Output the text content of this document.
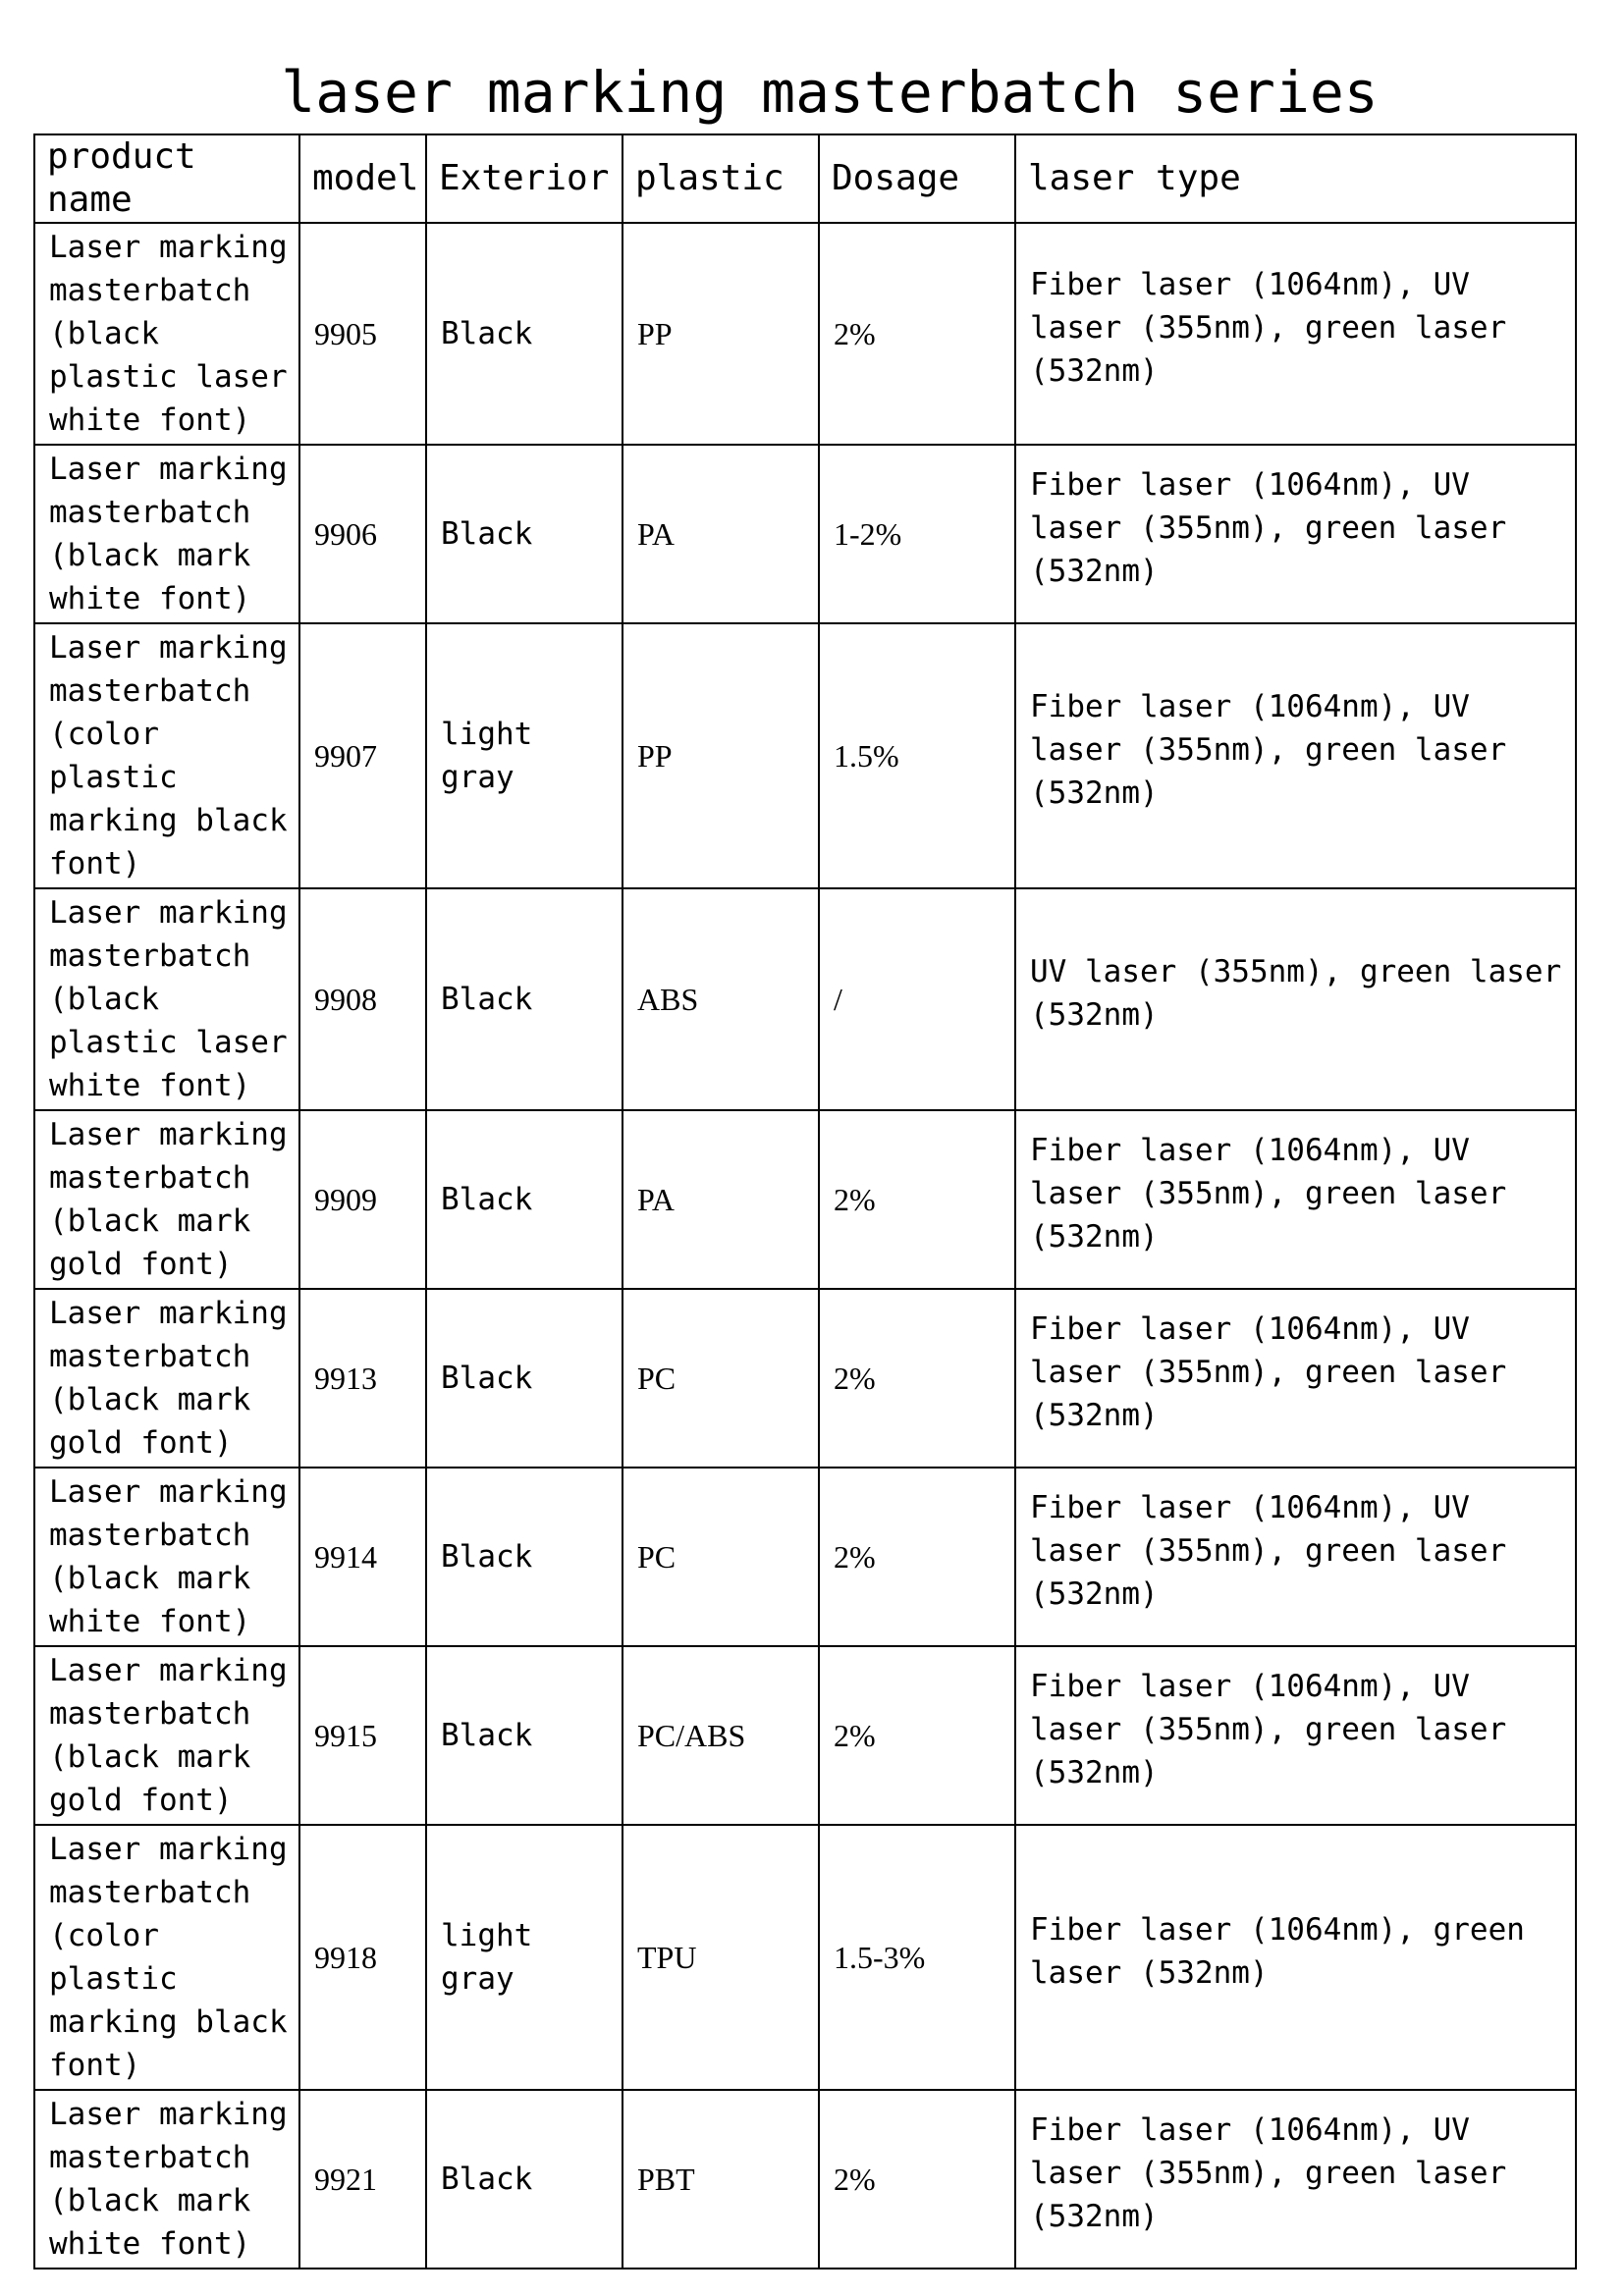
laser marking masterbatch series
product name	model	Exterior	plastic	Dosage	laser type
Laser marking masterbatch (black plastic laser white font)	9905	Black	PP	2%	Fiber laser (1064nm), UV laser (355nm), green laser (532nm)
Laser marking masterbatch (black mark white font)	9906	Black	PA	1-2%	Fiber laser (1064nm), UV laser (355nm), green laser (532nm)
Laser marking masterbatch (color plastic marking black font)	9907	light gray	PP	1.5%	Fiber laser (1064nm), UV laser (355nm), green laser (532nm)
Laser marking masterbatch (black plastic laser white font)	9908	Black	ABS	/	UV laser (355nm), green laser (532nm)
Laser marking masterbatch (black mark gold font)	9909	Black	PA	2%	Fiber laser (1064nm), UV laser (355nm), green laser (532nm)
Laser marking masterbatch (black mark gold font)	9913	Black	PC	2%	Fiber laser (1064nm), UV laser (355nm), green laser (532nm)
Laser marking masterbatch (black mark white font)	9914	Black	PC	2%	Fiber laser (1064nm), UV laser (355nm), green laser (532nm)
Laser marking masterbatch (black mark gold font)	9915	Black	PC/ABS	2%	Fiber laser (1064nm), UV laser (355nm), green laser (532nm)
Laser marking masterbatch (color plastic marking black font)	9918	light gray	TPU	1.5-3%	Fiber laser (1064nm), green laser (532nm)
Laser marking masterbatch (black mark white font)	9921	Black	PBT	2%	Fiber laser (1064nm), UV laser (355nm), green laser (532nm)
